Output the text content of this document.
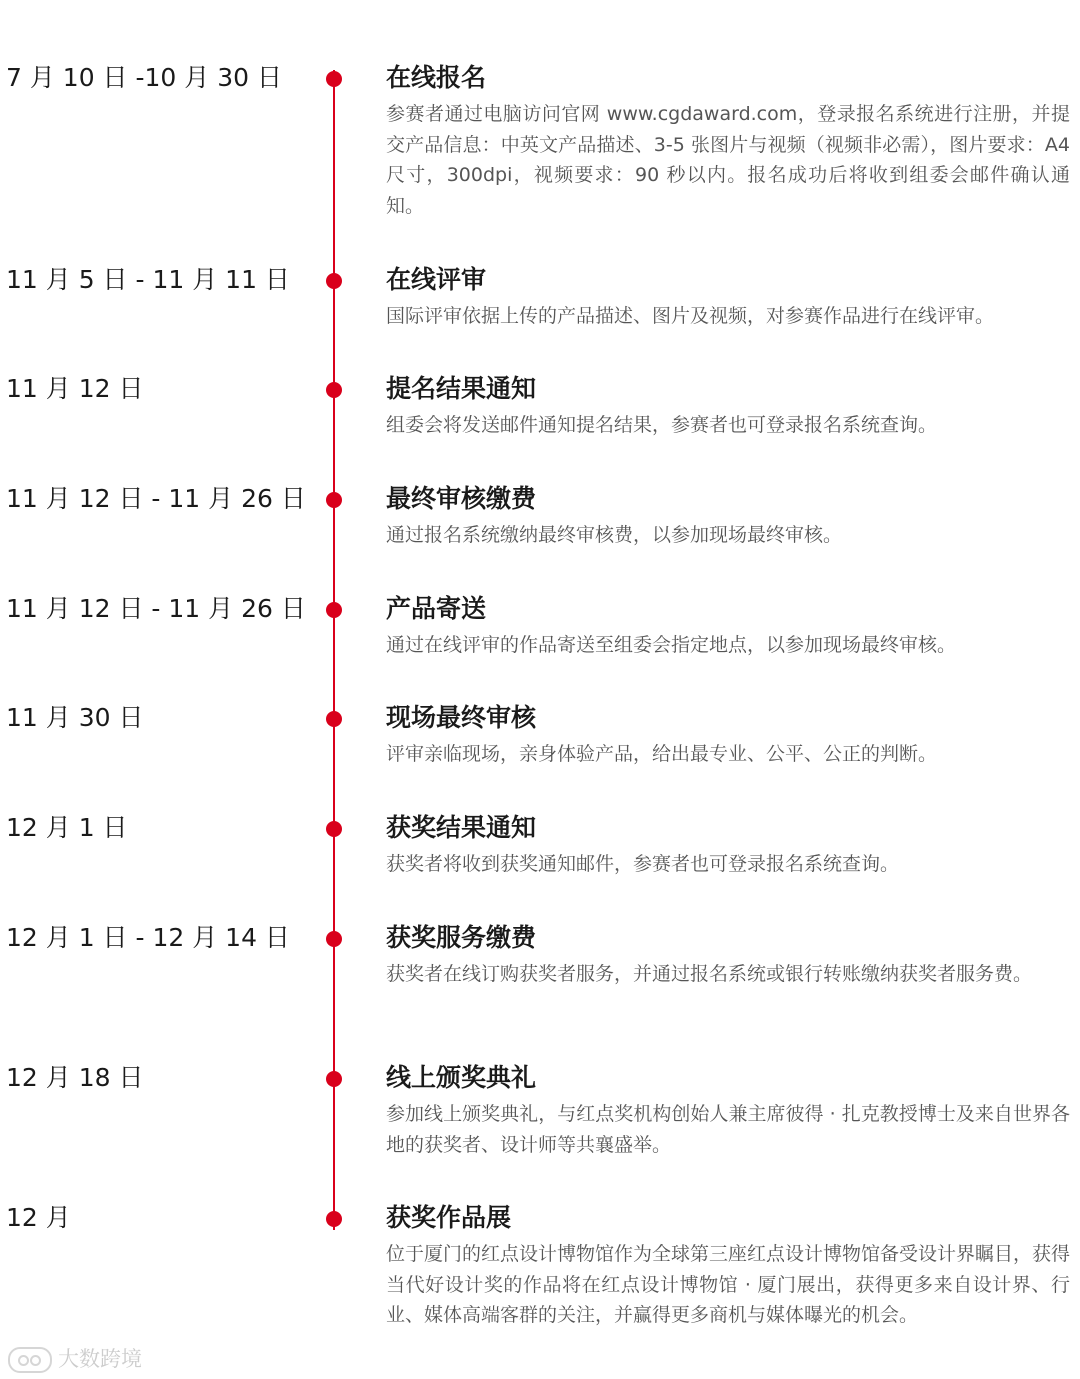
7 月 10 日 -10 月 30 日	在线报名
参赛者通过电脑访问官网 www.cgdaward.com，登录报名系统进行注册，并提交产品信息：中英文产品描述、3-5 张图片与视频（视频非必需），图片要求：A4 尺寸，300dpi，视频要求：90 秒以内。报名成功后将收到组委会邮件确认通知。
11 月 5 日 - 11 月 11 日	在线评审
国际评审依据上传的产品描述、图片及视频，对参赛作品进行在线评审。
11 月 12 日	提名结果通知
组委会将发送邮件通知提名结果，参赛者也可登录报名系统查询。
11 月 12 日 - 11 月 26 日	最终审核缴费
通过报名系统缴纳最终审核费，以参加现场最终审核。
11 月 12 日 - 11 月 26 日	产品寄送
通过在线评审的作品寄送至组委会指定地点，以参加现场最终审核。
11 月 30 日	现场最终审核
评审亲临现场，亲身体验产品，给出最专业、公平、公正的判断。
12 月 1 日	获奖结果通知
获奖者将收到获奖通知邮件，参赛者也可登录报名系统查询。
12 月 1 日 - 12 月 14 日	获奖服务缴费
获奖者在线订购获奖者服务，并通过报名系统或银行转账缴纳获奖者服务费。
12 月 18 日	线上颁奖典礼
参加线上颁奖典礼，与红点奖机构创始人兼主席彼得 · 扎克教授博士及来自世界各地的获奖者、设计师等共襄盛举。
12 月	获奖作品展
位于厦门的红点设计博物馆作为全球第三座红点设计博物馆备受设计界瞩目，获得当代好设计奖的作品将在红点设计博物馆 · 厦门展出，获得更多来自设计界、行业、媒体高端客群的关注，并赢得更多商机与媒体曝光的机会。
大数跨境
